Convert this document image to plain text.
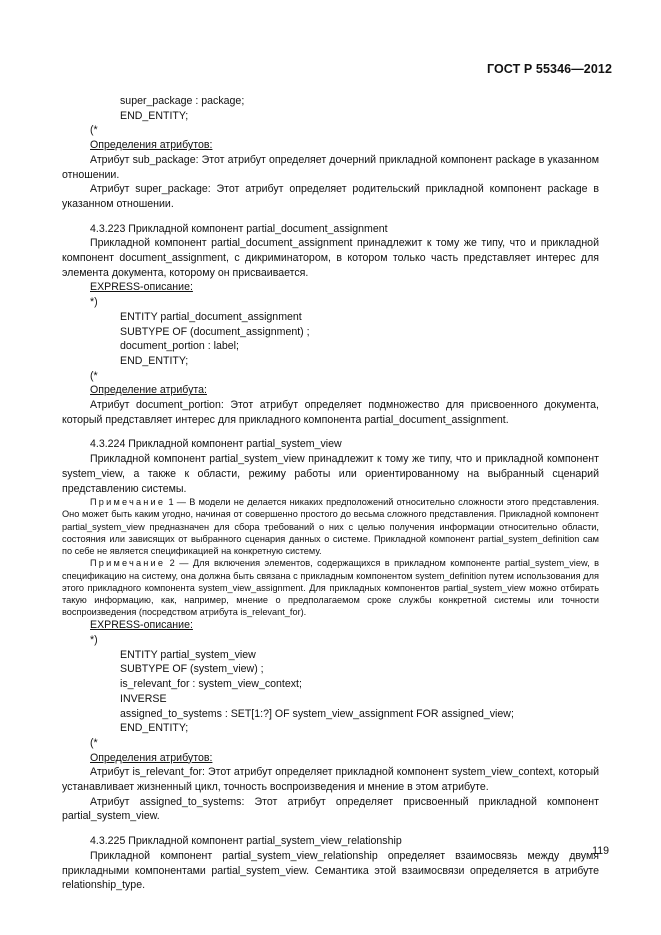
ГОСТ Р 55346—2012

super_package : package;

END_ENTITY;

(*

Определения атрибутов:

Атрибут sub_package: Этот атрибут определяет дочерний прикладной компонент package в указанном отношении.

Атрибут super_package: Этот атрибут определяет родительский прикладной компонент package в указанном отношении.

4.3.223 Прикладной компонент partial_document_assignment

Прикладной компонент partial_document_assignment принадлежит к тому же типу, что и прикладной компонент document_assignment, с дикриминатором, в котором только часть представляет интерес для элемента документа, которому он присваивается.

EXPRESS-описание:

*)

ENTITY partial_document_assignment

SUBTYPE OF (document_assignment) ;

document_portion : label;

END_ENTITY;

(*

Определение атрибута:

Атрибут document_portion: Этот атрибут определяет подмножество для присвоенного документа, который представляет интерес для прикладного компонента partial_document_assignment.

4.3.224 Прикладной компонент partial_system_view

Прикладной компонент partial_system_view принадлежит к тому же типу, что и прикладной компонент system_view, а также к области, режиму работы или ориентированному на выбранный сценарий представлению системы.

Примечание 1 — В модели не делается никаких предположений относительно сложности этого представления. Оно может быть каким угодно, начиная от совершенно простого до весьма сложного представления. Прикладной компонент partial_system_view предназначен для сбора требований о них с целью получения информации относительно области, состояния или зависящих от выбранного сценария данных о системе. Прикладной компонент partial_system_definition сам по себе не является спецификацией на конкретную систему.

Примечание 2 — Для включения элементов, содержащихся в прикладном компоненте partial_system_view, в спецификацию на систему, она должна быть связана с прикладным компонентом system_definition путем использования для этого прикладного компонента system_view_assignment. Для прикладных компонентов partial_system_view можно отбирать такую информацию, как, например, мнение о предполагаемом сроке службы конкретной системы или точности воспроизведения (посредством атрибута is_relevant_for).

EXPRESS-описание:

*)

ENTITY partial_system_view

SUBTYPE OF (system_view) ;

is_relevant_for : system_view_context;

INVERSE

assigned_to_systems : SET[1:?] OF system_view_assignment FOR assigned_view;

END_ENTITY;

(*

Определения атрибутов:

Атрибут is_relevant_for: Этот атрибут определяет прикладной компонент system_view_context, который устанавливает жизненный цикл, точность воспроизведения и мнение в этом атрибуте.

Атрибут assigned_to_systems: Этот атрибут определяет присвоенный прикладной компонент partial_system_view.

4.3.225 Прикладной компонент partial_system_view_relationship

Прикладной компонент partial_system_view_relationship определяет взаимосвязь между двумя прикладными компонентами partial_system_view. Семантика этой взаимосвязи определяется в атрибуте relationship_type.

119
